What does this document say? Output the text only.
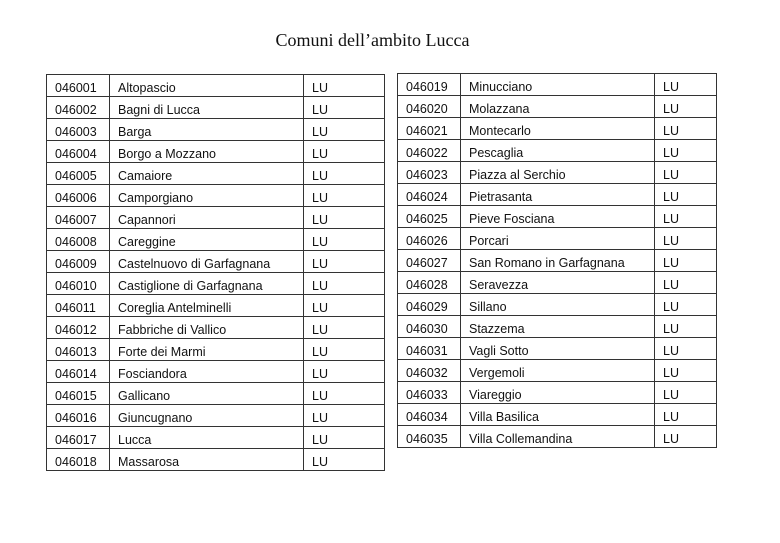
Comuni dell’ambito Lucca
046001	Altopascio	LU
046002	Bagni di Lucca	LU
046003	Barga	LU
046004	Borgo a Mozzano	LU
046005	Camaiore	LU
046006	Camporgiano	LU
046007	Capannori	LU
046008	Careggine	LU
046009	Castelnuovo di Garfagnana	LU
046010	Castiglione di Garfagnana	LU
046011	Coreglia Antelminelli	LU
046012	Fabbriche di Vallico	LU
046013	Forte dei Marmi	LU
046014	Fosciandora	LU
046015	Gallicano	LU
046016	Giuncugnano	LU
046017	Lucca	LU
046018	Massarosa	LU
046019	Minucciano	LU
046020	Molazzana	LU
046021	Montecarlo	LU
046022	Pescaglia	LU
046023	Piazza al Serchio	LU
046024	Pietrasanta	LU
046025	Pieve Fosciana	LU
046026	Porcari	LU
046027	San Romano in Garfagnana	LU
046028	Seravezza	LU
046029	Sillano	LU
046030	Stazzema	LU
046031	Vagli Sotto	LU
046032	Vergemoli	LU
046033	Viareggio	LU
046034	Villa Basilica	LU
046035	Villa Collemandina	LU
